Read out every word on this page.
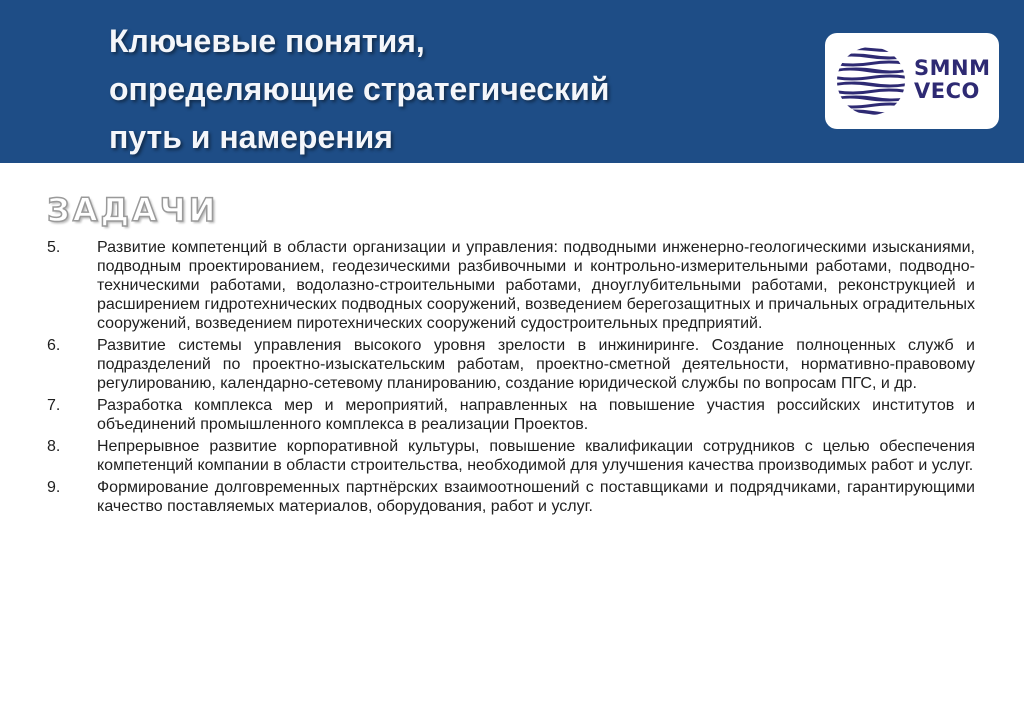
Ключевые понятия,
определяющие стратегический
путь и намерения
SMNM
VECO
ЗАДАЧИ
5. Развитие компетенций в области организации и управления: подводными инженерно-геологическими изысканиями, подводным проектированием, геодезическими разбивочными и контрольно-измерительными работами, подводно-техническими работами, водолазно-строительными работами, дноуглубительными работами, реконструкцией и расширением гидротехнических подводных сооружений, возведением берегозащитных и причальных оградительных сооружений, возведением пиротехнических сооружений судостроительных предприятий.
6. Развитие системы управления высокого уровня зрелости в инжиниринге. Создание полноценных служб и подразделений по проектно-изыскательским работам, проектно-сметной деятельности, нормативно-правовому регулированию, календарно-сетевому планированию, создание юридической службы по вопросам ПГС, и др.
7. Разработка комплекса мер и мероприятий, направленных на повышение участия российских институтов и объединений промышленного комплекса в реализации Проектов.
8. Непрерывное развитие корпоративной культуры, повышение квалификации сотрудников с целью обеспечения компетенций компании в области строительства, необходимой для улучшения качества производимых работ и услуг.
9. Формирование долговременных партнёрских взаимоотношений с поставщиками и подрядчиками, гарантирующими качество поставляемых материалов, оборудования, работ и услуг.
